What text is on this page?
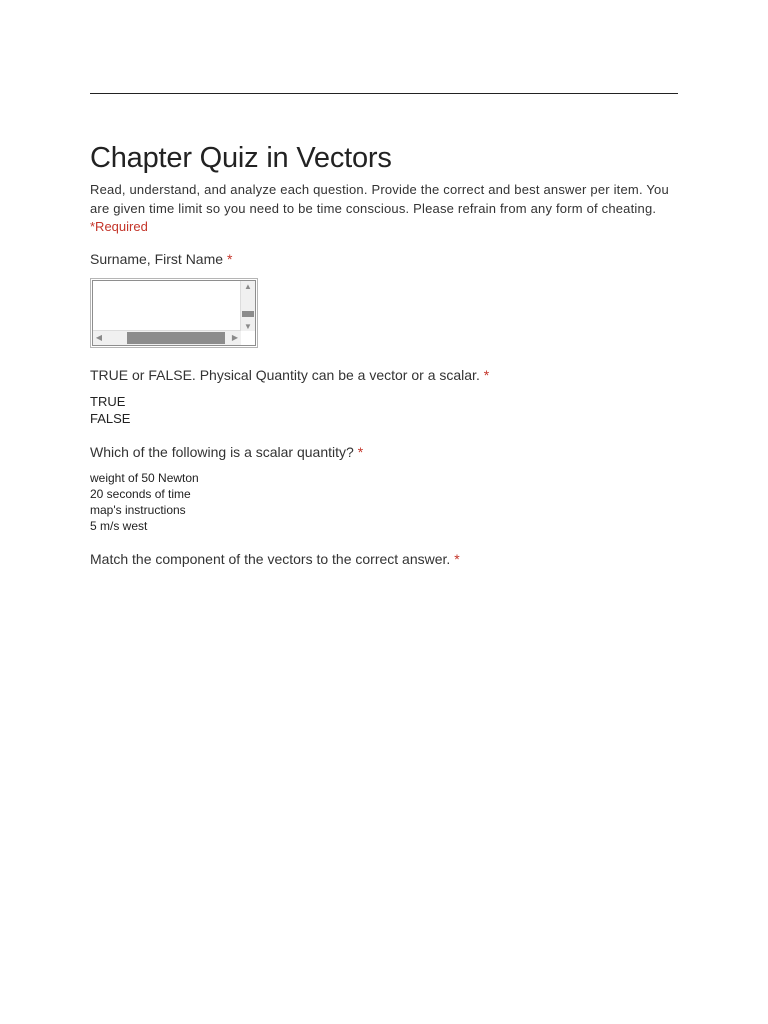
Chapter Quiz in Vectors
Read, understand, and analyze each question. Provide the correct and best answer per item. You are given time limit so you need to be time conscious. Please refrain from any form of cheating.
*Required
Surname, First Name *
▲
▼
◀	▶
TRUE or FALSE. Physical Quantity can be a vector or a scalar. *
TRUE
FALSE
Which of the following is a scalar quantity? *
weight of 50 Newton
20 seconds of time
map's instructions
5 m/s west
Match the component of the vectors to the correct answer. *
